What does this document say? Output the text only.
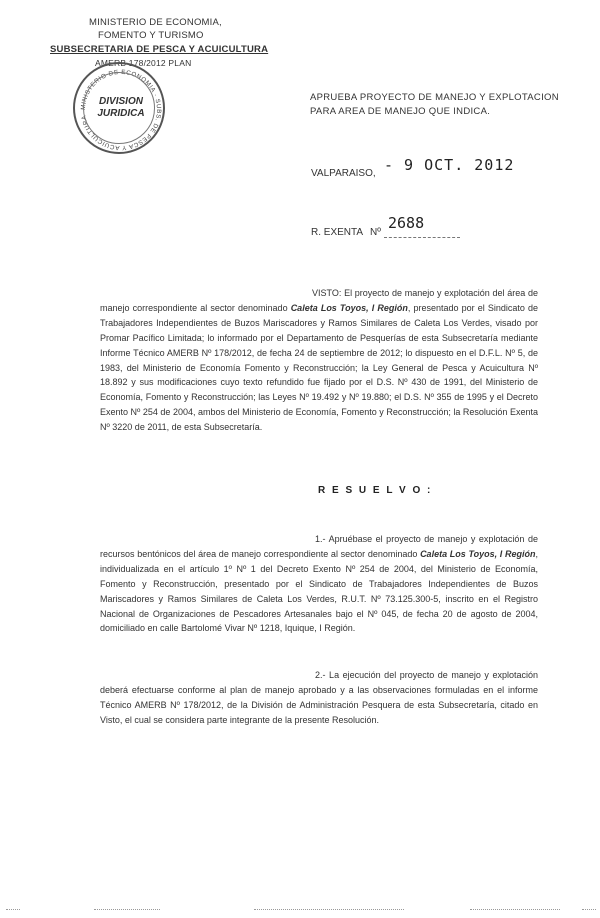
MINISTERIO DE ECONOMIA,
FOMENTO Y TURISMO
SUBSECRETARIA DE PESCA Y ACUICULTURA
AMERB 178/2012 PLAN
MINISTERIO DE ECONOMIA · SUBS. DE PESCA Y ACUICULTURA
DIVISION
JURIDICA
APRUEBA PROYECTO DE MANEJO Y EXPLOTACION
PARA AREA DE MANEJO QUE INDICA.
VALPARAISO, - 9 OCT. 2012
R. EXENTA Nº
2688
VISTO: El proyecto de manejo y explotación del área de manejo correspondiente al sector denominado Caleta Los Toyos, I Región, presentado por el Sindicato de Trabajadores Independientes de Buzos Mariscadores y Ramos Similares de Caleta Los Verdes, visado por Promar Pacífico Limitada; lo informado por el Departamento de Pesquerías de esta Subsecretaría mediante Informe Técnico AMERB Nº 178/2012, de fecha 24 de septiembre de 2012; lo dispuesto en el D.F.L. Nº 5, de 1983, del Ministerio de Economía Fomento y Reconstrucción; la Ley General de Pesca y Acuicultura Nº 18.892 y sus modificaciones cuyo texto refundido fue fijado por el D.S. Nº 430 de 1991, del Ministerio de Economía, Fomento y Reconstrucción; las Leyes Nº 19.492 y Nº 19.880; el D.S. Nº 355 de 1995 y el Decreto Exento Nº 254 de 2004, ambos del Ministerio de Economía, Fomento y Reconstrucción; la Resolución Exenta Nº 3220 de 2011, de esta Subsecretaría.
R E S U E L V O :
1.- Apruébase el proyecto de manejo y explotación de recursos bentónicos del área de manejo correspondiente al sector denominado Caleta Los Toyos, I Región, individualizada en el artículo 1º Nº 1 del Decreto Exento Nº 254 de 2004, del Ministerio de Economía, Fomento y Reconstrucción, presentado por el Sindicato de Trabajadores Independientes de Buzos Mariscadores y Ramos Similares de Caleta Los Verdes, R.U.T. Nº 73.125.300-5, inscrito en el Registro Nacional de Organizaciones de Pescadores Artesanales bajo el Nº 045, de fecha 20 de agosto de 2004, domiciliado en calle Bartolomé Vivar Nº 1218, Iquique, I Región.
2.- La ejecución del proyecto de manejo y explotación deberá efectuarse conforme al plan de manejo aprobado y a las observaciones formuladas en el informe Técnico AMERB Nº 178/2012, de la División de Administración Pesquera de esta Subsecretaría, citado en Visto, el cual se considera parte integrante de la presente Resolución.
